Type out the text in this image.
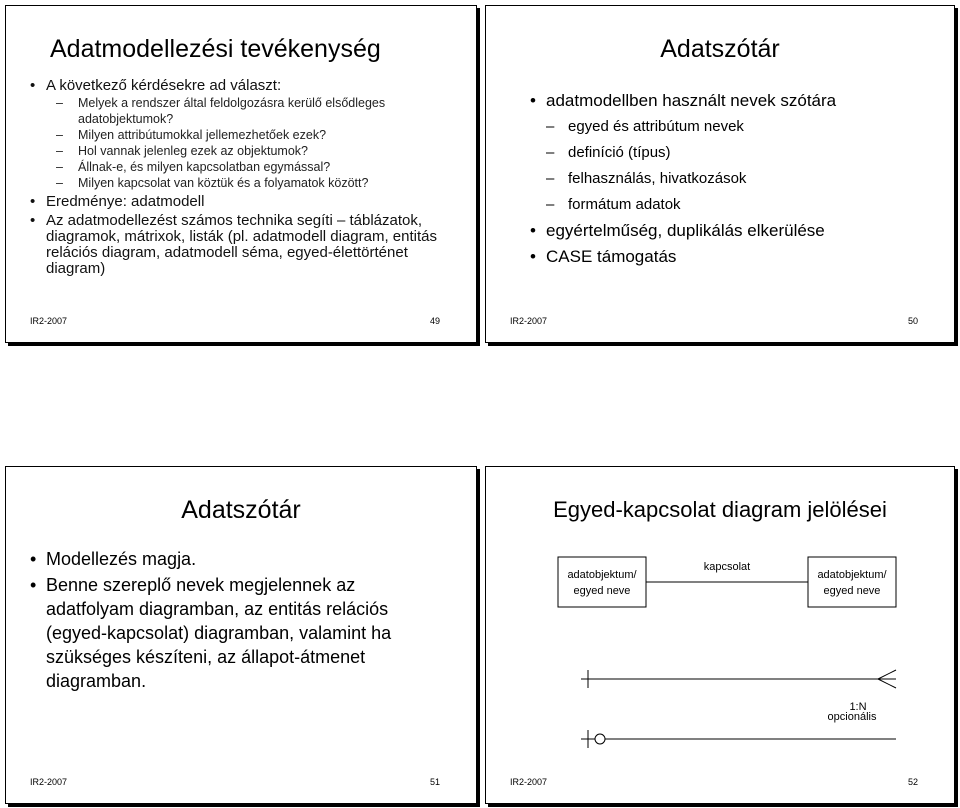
Adatmodellezési tevékenység
• A következő kérdésekre ad választ:
– Melyek a rendszer által feldolgozásra kerülő elsődleges adatobjektumok?
– Milyen attribútumokkal jellemezhetőek ezek?
– Hol vannak jelenleg ezek az objektumok?
– Állnak-e, és milyen kapcsolatban egymással?
– Milyen kapcsolat van köztük és a folyamatok között?
• Eredménye: adatmodell
• Az adatmodellezést számos technika segíti – táblázatok, diagramok, mátrixok, listák (pl. adatmodell diagram, entitás relációs diagram, adatmodell séma, egyed-élettörténet diagram)
IR2-2007	49
Adatszótár
• adatmodellben használt nevek szótára
– egyed és attribútum nevek
– definíció (típus)
– felhasználás, hivatkozások
– formátum adatok
• egyértelműség, duplikálás elkerülése
• CASE támogatás
IR2-2007	50
Adatszótár
• Modellezés magja.
• Benne szereplő nevek megjelennek az adatfolyam diagramban, az entitás relációs (egyed-kapcsolat) diagramban, valamint ha szükséges készíteni, az állapot-átmenet diagramban.
IR2-2007	51
Egyed-kapcsolat diagram jelölései
adatobjektum/
egyed neve
adatobjektum/
egyed neve
kapcsolat
1:N
opcionális
IR2-2007	52
